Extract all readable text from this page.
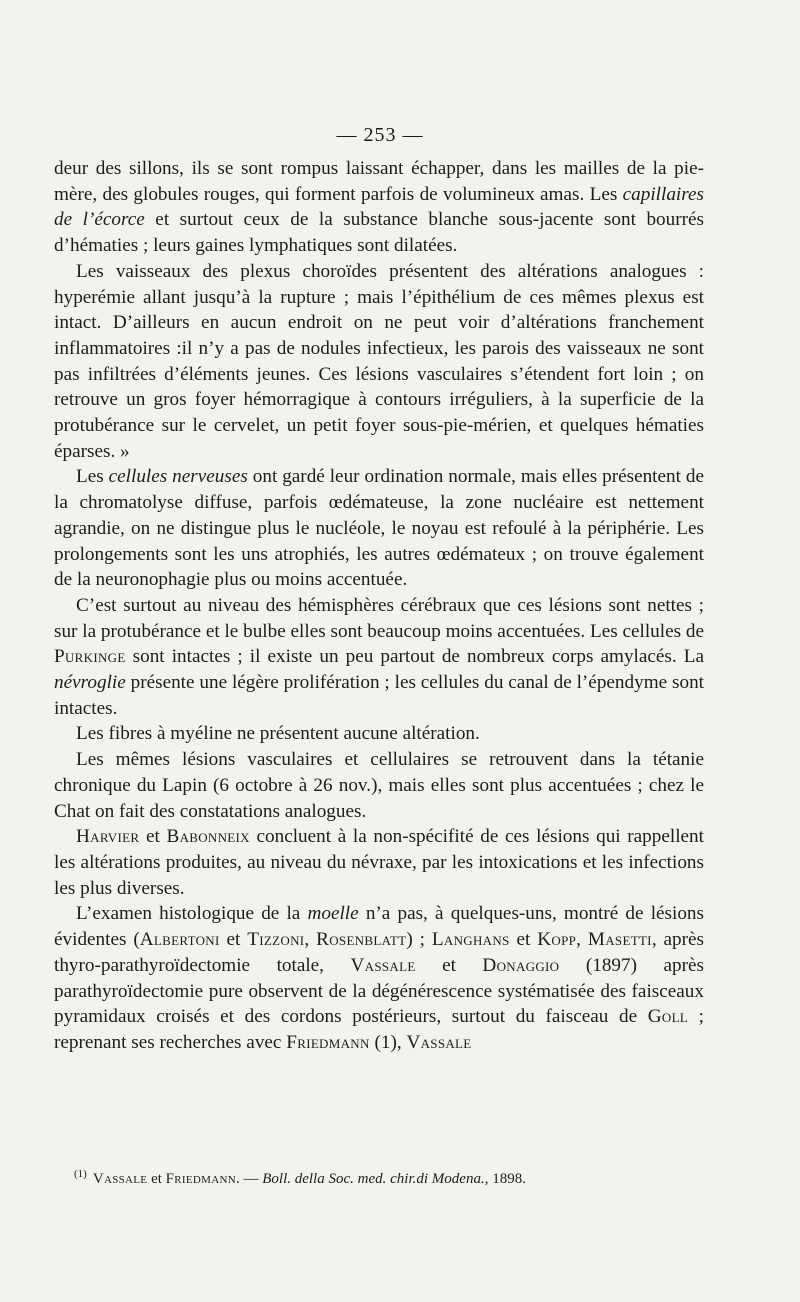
— 253 —

deur des sillons, ils se sont rompus laissant échapper, dans les mailles de la pie-mère, des globules rouges, qui forment parfois de volumineux amas. Les capillaires de l’écorce et surtout ceux de la substance blanche sous-jacente sont bourrés d’hématies ; leurs gaines lymphatiques sont dilatées.

Les vaisseaux des plexus choroïdes présentent des altérations analogues : hyperémie allant jusqu’à la rupture ; mais l’épithélium de ces mêmes plexus est intact. D’ailleurs en aucun endroit on ne peut voir d’altérations franchement inflammatoires :il n’y a pas de nodules infectieux, les parois des vaisseaux ne sont pas infiltrées d’éléments jeunes. Ces lésions vasculaires s’étendent fort loin ; on retrouve un gros foyer hémorragique à contours irréguliers, à la superficie de la protubérance sur le cervelet, un petit foyer sous-pie-mérien, et quelques hématies éparses. »

Les cellules nerveuses ont gardé leur ordination normale, mais elles présentent de la chromatolyse diffuse, parfois œdémateuse, la zone nucléaire est nettement agrandie, on ne distingue plus le nucléole, le noyau est refoulé à la périphérie. Les prolongements sont les uns atrophiés, les autres œdémateux ; on trouve également de la neuronophagie plus ou moins accentuée.

C’est surtout au niveau des hémisphères cérébraux que ces lésions sont nettes ; sur la protubérance et le bulbe elles sont beaucoup moins accentuées. Les cellules de Purkinge sont intactes ; il existe un peu partout de nombreux corps amylacés. La névroglie présente une légère prolifération ; les cellules du canal de l’épendyme sont intactes.

Les fibres à myéline ne présentent aucune altération.

Les mêmes lésions vasculaires et cellulaires se retrouvent dans la tétanie chronique du Lapin (6 octobre à 26 nov.), mais elles sont plus accentuées ; chez le Chat on fait des constatations analogues.

Harvier et Babonneix concluent à la non-spécifité de ces lésions qui rappellent les altérations produites, au niveau du névraxe, par les intoxications et les infections les plus diverses.

L’examen histologique de la moelle n’a pas, à quelques-uns, montré de lésions évidentes (Albertoni et Tizzoni, Rosenblatt) ; Langhans et Kopp, Masetti, après thyro-parathyroïdectomie totale, Vassale et Donaggio (1897) après parathyroïdectomie pure observent de la dégénérescence systématisée des faisceaux pyramidaux croisés et des cordons postérieurs, surtout du faisceau de Goll ; reprenant ses recherches avec Friedmann (1), Vassale

$^{(1)}$ Vassale et Friedmann. — Boll. della Soc. med. chir.di Modena., 1898.
